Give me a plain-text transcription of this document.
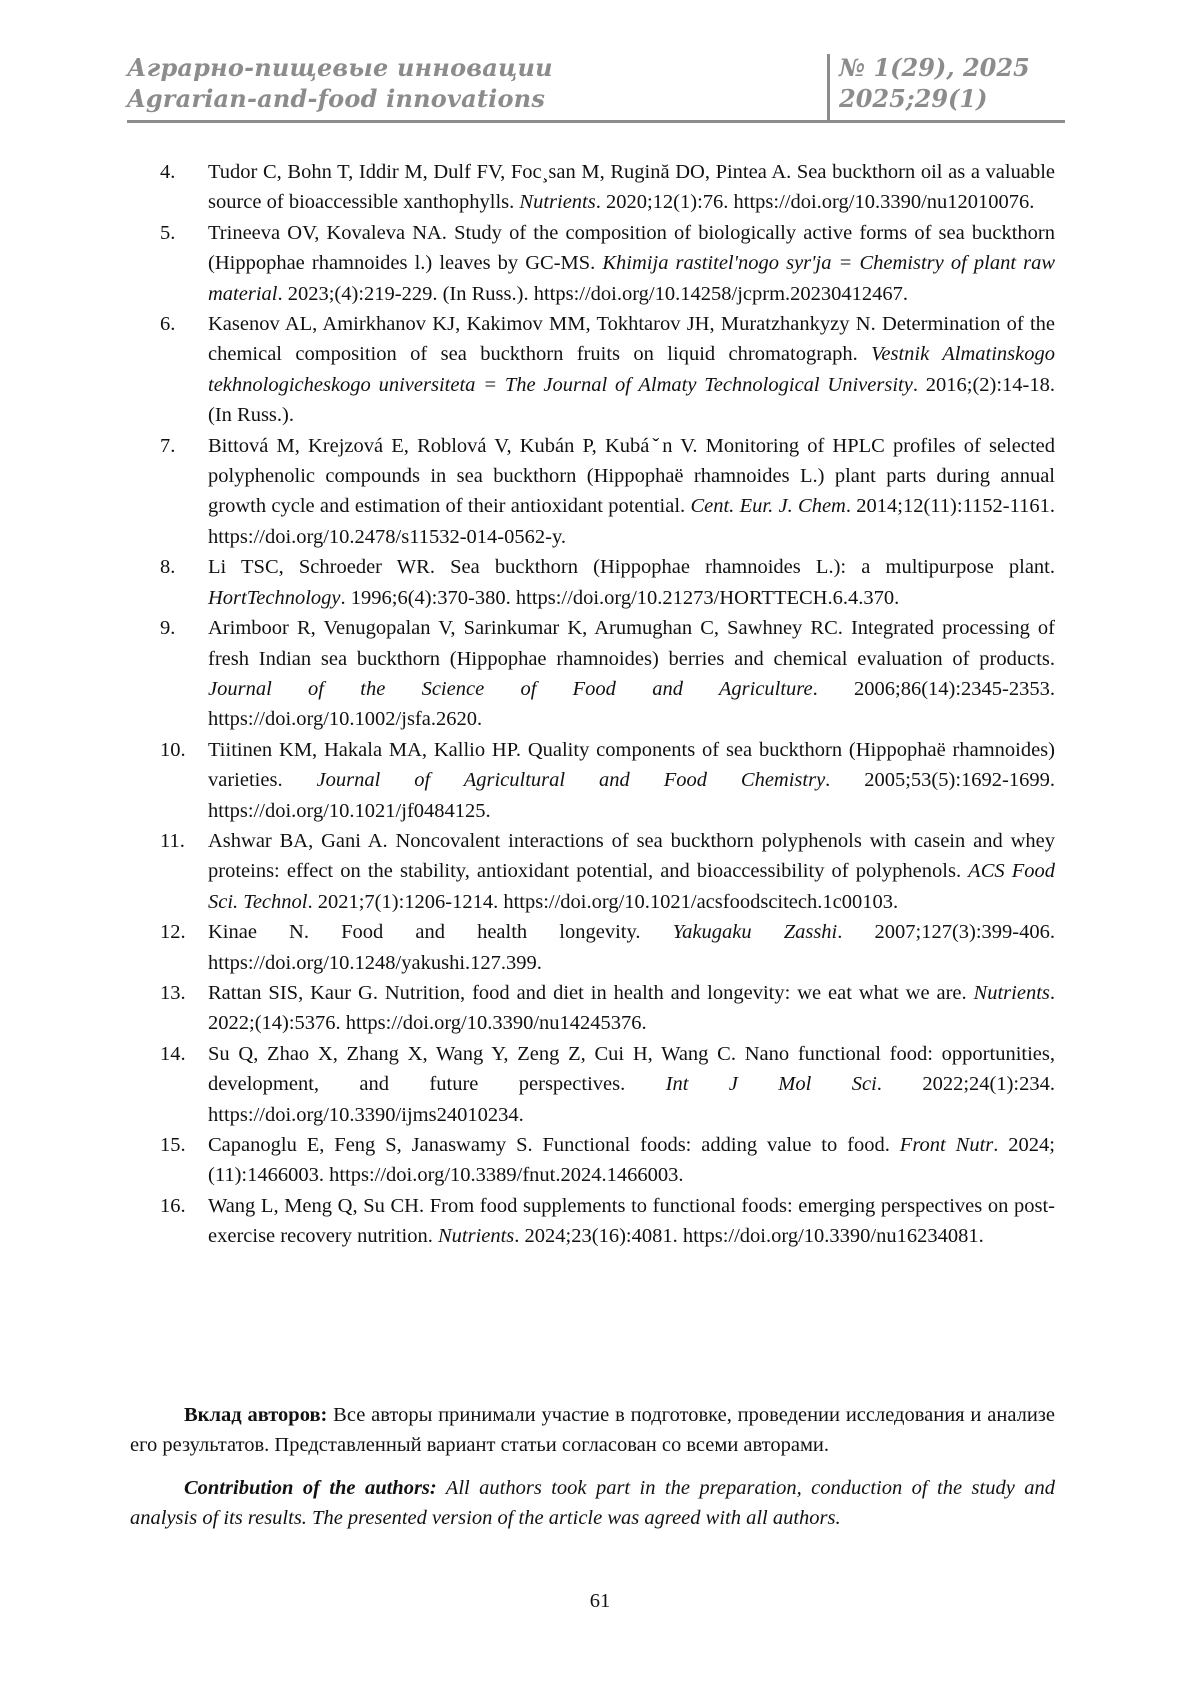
Аграрно-пищевые инновации
Agrarian-and-food innovations
№ 1(29), 2025
2025;29(1)
4.	Tudor C, Bohn T, Iddir M, Dulf FV, Foc¸san M, Rugină DO, Pintea A. Sea buckthorn oil as a valuable source of bioaccessible xanthophylls. Nutrients. 2020;12(1):76. https://doi.org/10.3390/nu12010076.
5.	Trineeva OV, Kovaleva NA. Study of the composition of biologically active forms of sea buckthorn (Hippophae rhamnoides l.) leaves by GC-MS. Khimija rastitel'nogo syr'ja = Chemistry of plant raw material. 2023;(4):219-229. (In Russ.). https://doi.org/10.14258/jcprm.20230412467.
6.	Kasenov AL, Amirkhanov KJ, Kakimov MM, Tokhtarov JH, Muratzhankyzy N. Determination of the chemical composition of sea buckthorn fruits on liquid chromatograph. Vestnik Almatinskogo tekhnologicheskogo universiteta = The Journal of Almaty Technological University. 2016;(2):14-18. (In Russ.).
7.	Bittová M, Krejzová E, Roblová V, Kubán P, Kubáˇn V. Monitoring of HPLC profiles of selected polyphenolic compounds in sea buckthorn (Hippophaë rhamnoides L.) plant parts during annual growth cycle and estimation of their antioxidant potential. Cent. Eur. J. Chem. 2014;12(11):1152-1161. https://doi.org/10.2478/s11532-014-0562-y.
8.	Li TSC, Schroeder WR. Sea buckthorn (Hippophae rhamnoides L.): a multipurpose plant. HortTechnology. 1996;6(4):370-380. https://doi.org/10.21273/HORTTECH.6.4.370.
9.	Arimboor R, Venugopalan V, Sarinkumar K, Arumughan C, Sawhney RC. Integrated processing of fresh Indian sea buckthorn (Hippophae rhamnoides) berries and chemical evaluation of products. Journal of the Science of Food and Agriculture. 2006;86(14):2345-2353. https://doi.org/10.1002/jsfa.2620.
10.	Tiitinen KM, Hakala MA, Kallio HP. Quality components of sea buckthorn (Hippophaë rhamnoides) varieties. Journal of Agricultural and Food Chemistry. 2005;53(5):1692-1699. https://doi.org/10.1021/jf0484125.
11.	Ashwar BA, Gani A. Noncovalent interactions of sea buckthorn polyphenols with casein and whey proteins: effect on the stability, antioxidant potential, and bioaccessibility of polyphenols. ACS Food Sci. Technol. 2021;7(1):1206-1214. https://doi.org/10.1021/acsfoodscitech.1c00103.
12.	Kinae N. Food and health longevity. Yakugaku Zasshi. 2007;127(3):399-406. https://doi.org/10.1248/yakushi.127.399.
13.	Rattan SIS, Kaur G. Nutrition, food and diet in health and longevity: we eat what we are. Nutrients. 2022;(14):5376. https://doi.org/10.3390/nu14245376.
14.	Su Q, Zhao X, Zhang X, Wang Y, Zeng Z, Cui H, Wang C. Nano functional food: opportunities, development, and future perspectives. Int J Mol Sci. 2022;24(1):234. https://doi.org/10.3390/ijms24010234.
15.	Capanoglu E, Feng S, Janaswamy S. Functional foods: adding value to food. Front Nutr. 2024;(11):1466003. https://doi.org/10.3389/fnut.2024.1466003.
16.	Wang L, Meng Q, Su CH. From food supplements to functional foods: emerging perspectives on post-exercise recovery nutrition. Nutrients. 2024;23(16):4081. https://doi.org/10.3390/nu16234081.

Вклад авторов: Все авторы принимали участие в подготовке, проведении исследования и анализе его результатов. Представленный вариант статьи согласован со всеми авторами.

Contribution of the authors: All authors took part in the preparation, conduction of the study and analysis of its results. The presented version of the article was agreed with all authors.

61
